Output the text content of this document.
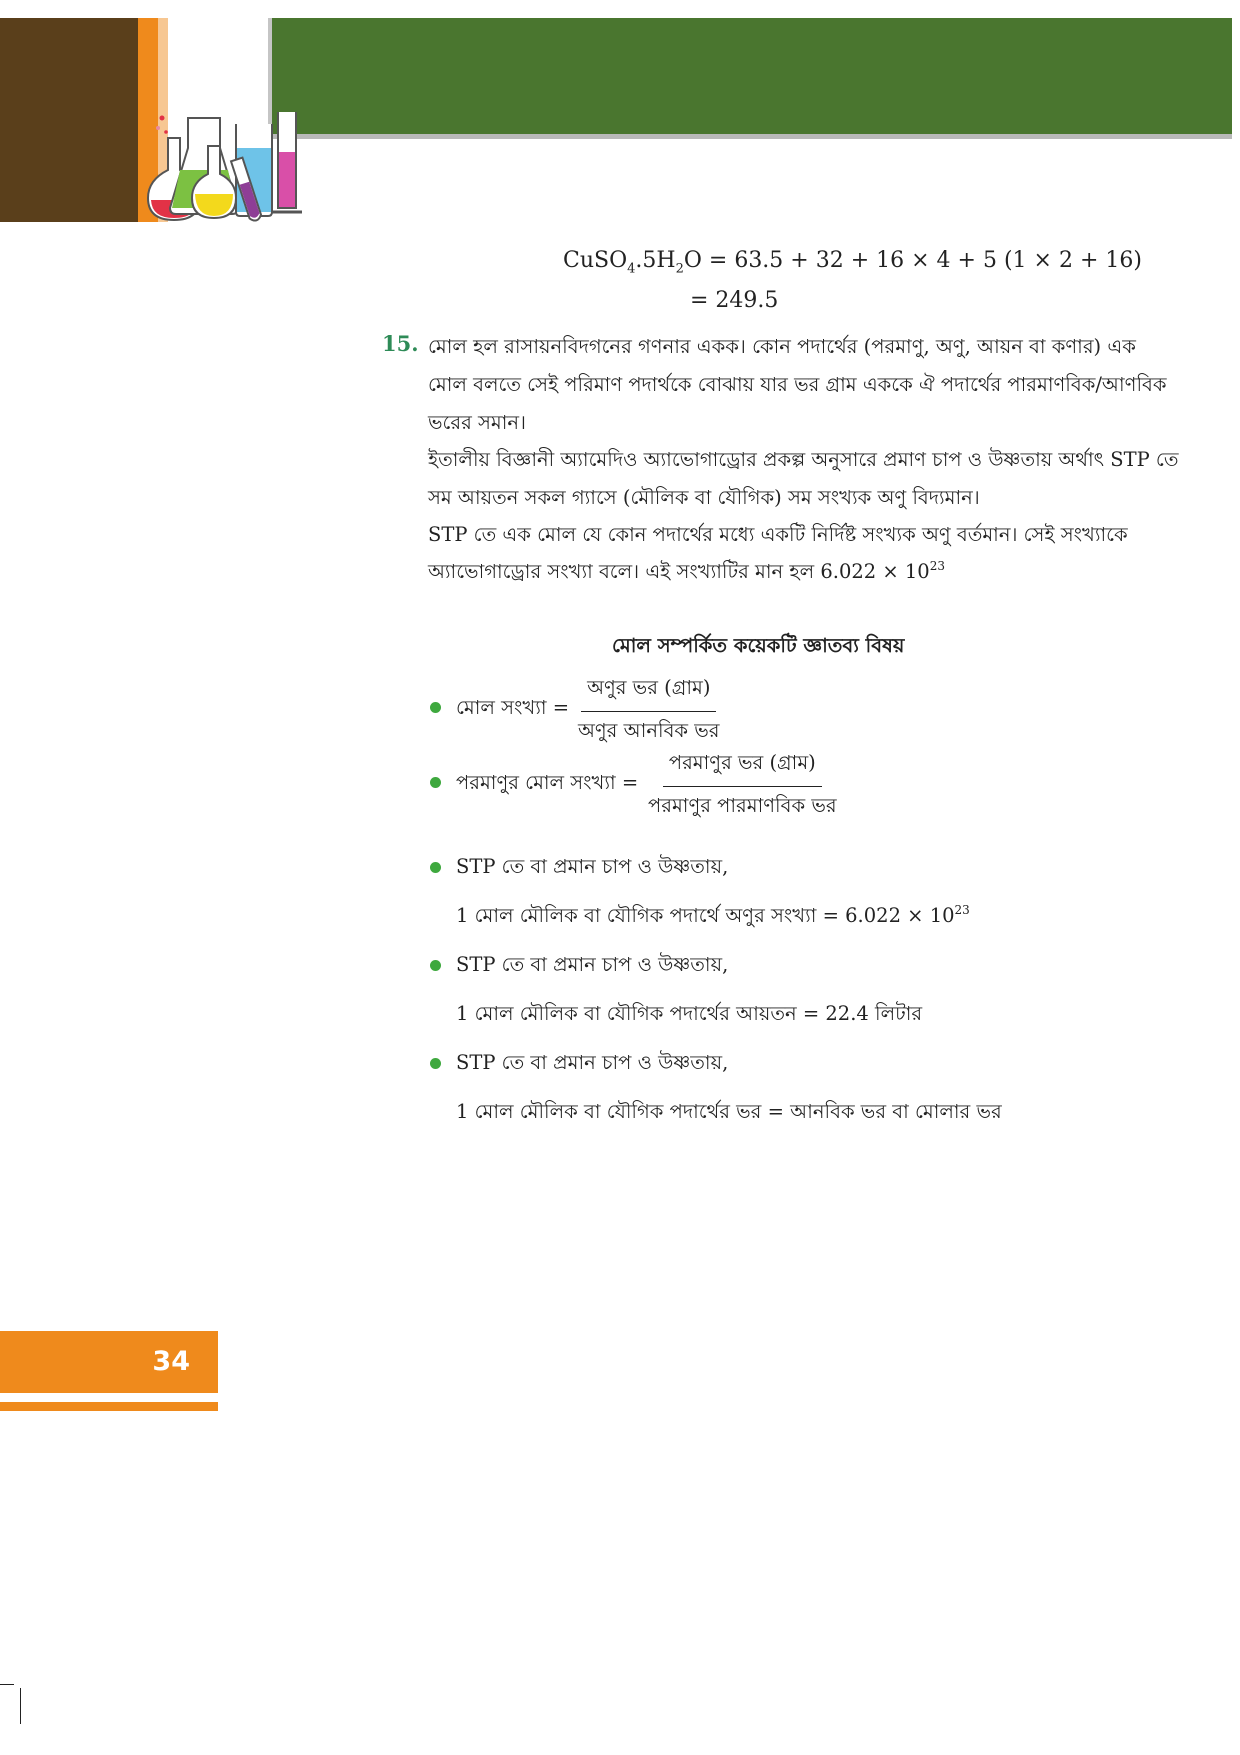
$CuSO_4.5H_2O = 63.5 + 32 + 16 \times 4 + 5$ (1 × 2 + 16)
= 249.5
15. মোল হল রাসায়নবিদগনের গণনার একক। কোন পদার্থের (পরমাণু, অণু, আয়ন বা কণার) এক
মোল বলতে সেই পরিমাণ পদার্থকে বোঝায় যার ভর গ্রাম এককে ঐ পদার্থের পারমাণবিক/আণবিক
ভরের সমান।
ইতালীয় বিজ্ঞানী অ্যামেদিও অ্যাভোগাড্রোর প্রকল্প অনুসারে প্রমাণ চাপ ও উষ্ণতায় অর্থাৎ STP তে
সম আয়তন সকল গ্যাসে (মৌলিক বা যৌগিক) সম সংখ্যক অণু বিদ্যমান।
STP তে এক মোল যে কোন পদার্থের মধ্যে একটি নির্দিষ্ট সংখ্যক অণু বর্তমান। সেই সংখ্যাকে
অ্যাভোগাড্রোর সংখ্যা বলে। এই সংখ্যাটির মান হল $6.022 \times 10^{23}$
মোল সম্পর্কিত কয়েকটি জ্ঞাতব্য বিষয়
মোল সংখ্যা =
অণুর ভর (গ্রাম)
অণুর আনবিক ভর
পরমাণুর মোল সংখ্যা =
পরমাণুর ভর (গ্রাম)
পরমাণুর পারমাণবিক ভর
STP তে বা প্রমান চাপ ও উষ্ণতায়,
1 মোল মৌলিক বা যৌগিক পদার্থে অণুর সংখ্যা = $6.022 \times 10^{23}$
STP তে বা প্রমান চাপ ও উষ্ণতায়,
1 মোল মৌলিক বা যৌগিক পদার্থের আয়তন = 22.4 লিটার
STP তে বা প্রমান চাপ ও উষ্ণতায়,
1 মোল মৌলিক বা যৌগিক পদার্থের ভর = আনবিক ভর বা মোলার ভর
34
